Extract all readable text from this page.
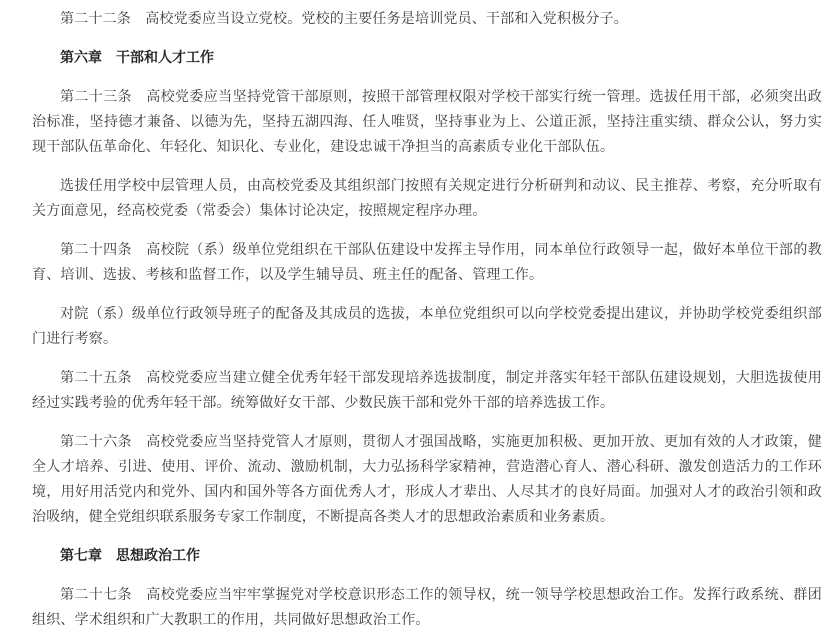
第二十二条　高校党委应当设立党校。党校的主要任务是培训党员、干部和入党积极分子。

第六章　干部和人才工作

第二十三条　高校党委应当坚持党管干部原则，按照干部管理权限对学校干部实行统一管理。选拔任用干部，必须突出政治标准，坚持德才兼备、以德为先，坚持五湖四海、任人唯贤，坚持事业为上、公道正派，坚持注重实绩、群众公认，努力实现干部队伍革命化、年轻化、知识化、专业化，建设忠诚干净担当的高素质专业化干部队伍。

选拔任用学校中层管理人员，由高校党委及其组织部门按照有关规定进行分析研判和动议、民主推荐、考察，充分听取有关方面意见，经高校党委（常委会）集体讨论决定，按照规定程序办理。

第二十四条　高校院（系）级单位党组织在干部队伍建设中发挥主导作用，同本单位行政领导一起，做好本单位干部的教育、培训、选拔、考核和监督工作，以及学生辅导员、班主任的配备、管理工作。

对院（系）级单位行政领导班子的配备及其成员的选拔，本单位党组织可以向学校党委提出建议，并协助学校党委组织部门进行考察。

第二十五条　高校党委应当建立健全优秀年轻干部发现培养选拔制度，制定并落实年轻干部队伍建设规划，大胆选拔使用经过实践考验的优秀年轻干部。统筹做好女干部、少数民族干部和党外干部的培养选拔工作。

第二十六条　高校党委应当坚持党管人才原则，贯彻人才强国战略，实施更加积极、更加开放、更加有效的人才政策，健全人才培养、引进、使用、评价、流动、激励机制，大力弘扬科学家精神，营造潜心育人、潜心科研、激发创造活力的工作环境，用好用活党内和党外、国内和国外等各方面优秀人才，形成人才辈出、人尽其才的良好局面。加强对人才的政治引领和政治吸纳，健全党组织联系服务专家工作制度，不断提高各类人才的思想政治素质和业务素质。

第七章　思想政治工作

第二十七条　高校党委应当牢牢掌握党对学校意识形态工作的领导权，统一领导学校思想政治工作。发挥行政系统、群团组织、学术组织和广大教职工的作用，共同做好思想政治工作。
